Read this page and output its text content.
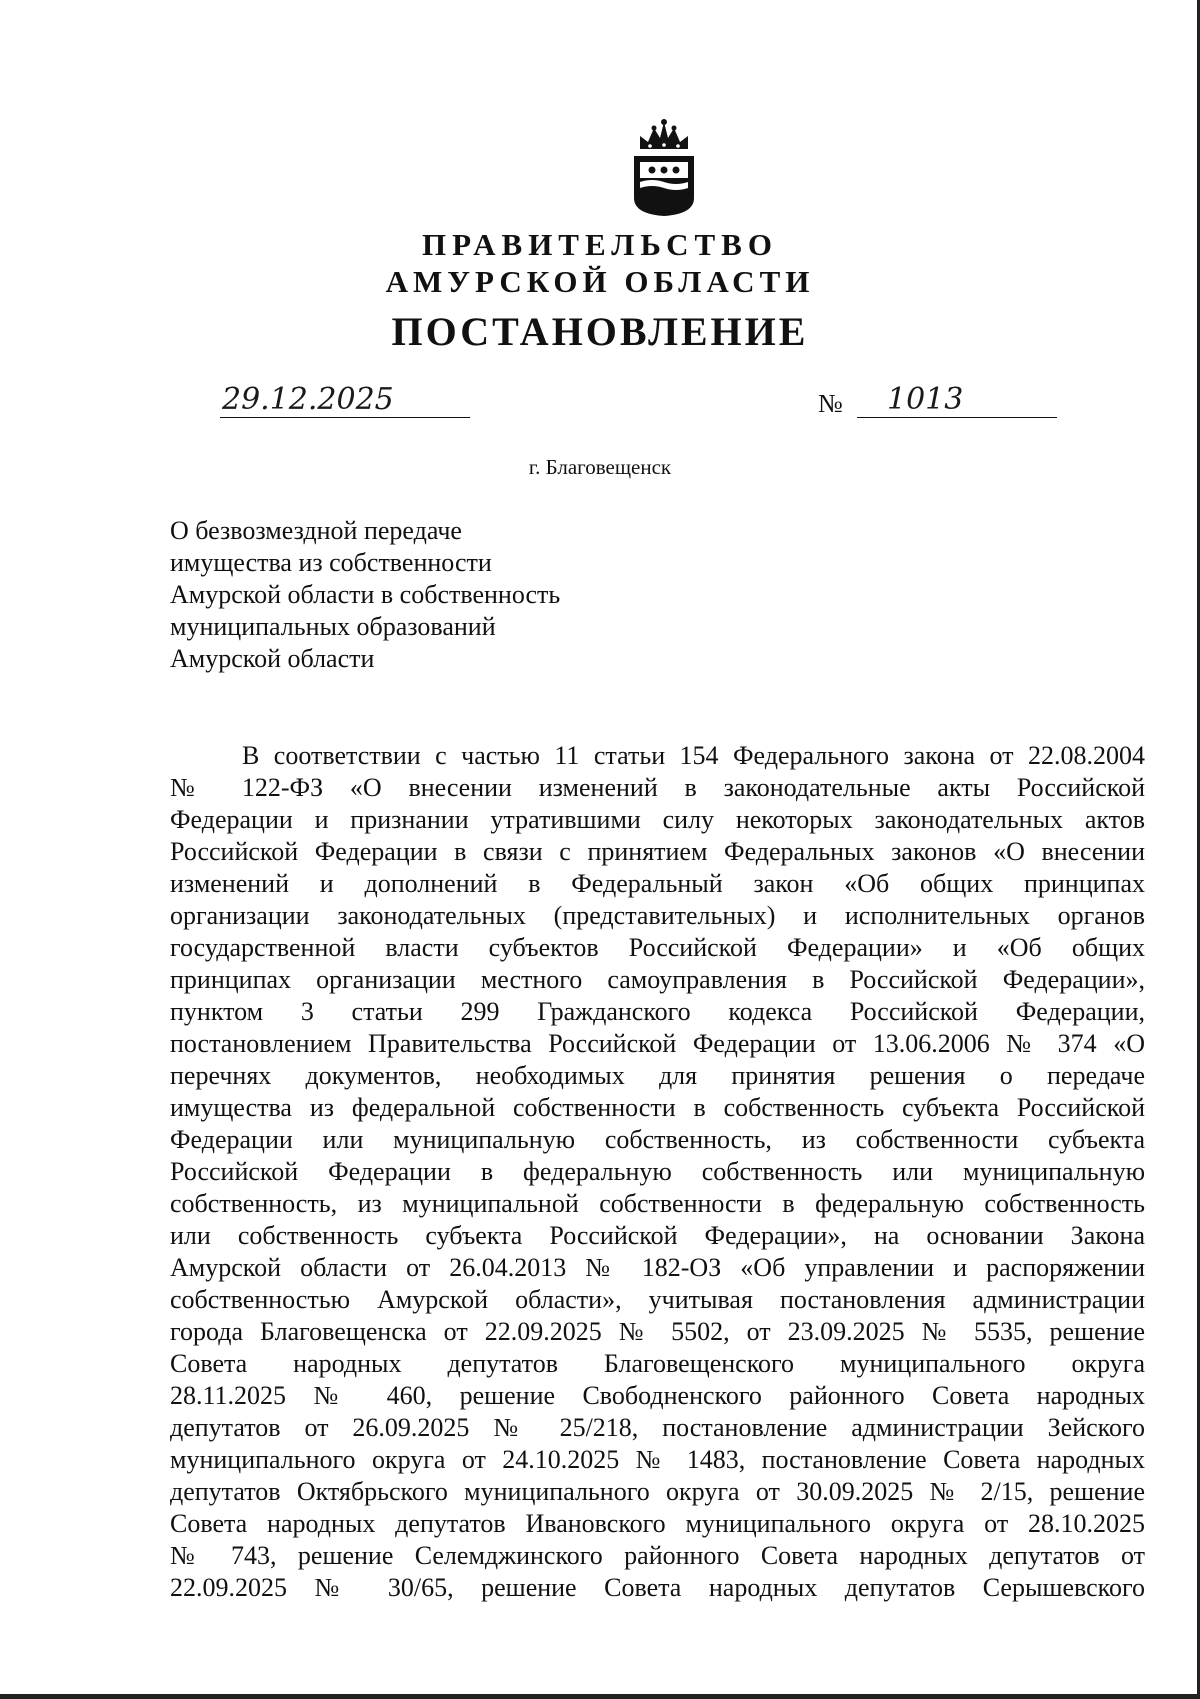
ПРАВИТЕЛЬСТВО
АМУРСКОЙ ОБЛАСТИ
ПОСТАНОВЛЕНИЕ
29.12.2025	№ 1013
г. Благовещенск
О безвозмездной передаче
имущества из собственности
Амурской области в собственность
муниципальных образований
Амурской области
В соответствии с частью 11 статьи 154 Федерального закона от 22.08.2004
№ 122-ФЗ «О внесении изменений в законодательные акты Российской
Федерации и признании утратившими силу некоторых законодательных актов
Российской Федерации в связи с принятием Федеральных законов «О внесении
изменений и дополнений в Федеральный закон «Об общих принципах
организации законодательных (представительных) и исполнительных органов
государственной власти субъектов Российской Федерации» и «Об общих
принципах организации местного самоуправления в Российской Федерации»,
пунктом 3 статьи 299 Гражданского кодекса Российской Федерации,
постановлением Правительства Российской Федерации от 13.06.2006 № 374 «О
перечнях документов, необходимых для принятия решения о передаче
имущества из федеральной собственности в собственность субъекта Российской
Федерации или муниципальную собственность, из собственности субъекта
Российской Федерации в федеральную собственность или муниципальную
собственность, из муниципальной собственности в федеральную собственность
или собственность субъекта Российской Федерации», на основании Закона
Амурской области от 26.04.2013 № 182-ОЗ «Об управлении и распоряжении
собственностью Амурской области», учитывая постановления администрации
города Благовещенска от 22.09.2025 № 5502, от 23.09.2025 № 5535, решение
Совета народных депутатов Благовещенского муниципального округа
28.11.2025 № 460, решение Свободненского районного Совета народных
депутатов от 26.09.2025 № 25/218, постановление администрации Зейского
муниципального округа от 24.10.2025 № 1483, постановление Совета народных
депутатов Октябрьского муниципального округа от 30.09.2025 № 2/15, решение
Совета народных депутатов Ивановского муниципального округа от 28.10.2025
№ 743, решение Селемджинского районного Совета народных депутатов от
22.09.2025 № 30/65, решение Совета народных депутатов Серышевского
